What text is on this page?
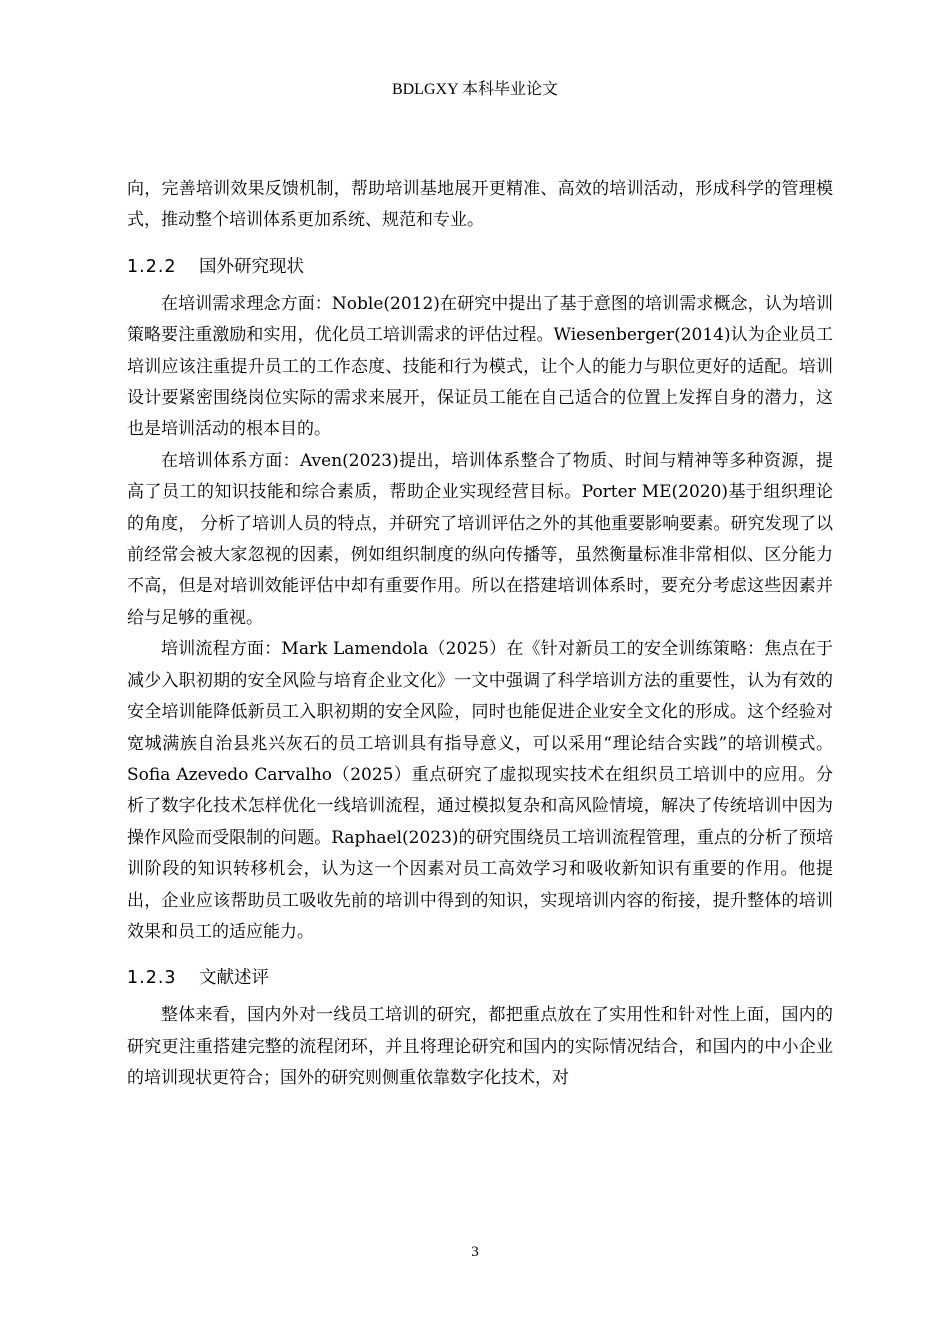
BDLGXY 本科毕业论文

向，完善培训效果反馈机制，帮助培训基地展开更精准、高效的培训活动，形成科学的管理模式，推动整个培训体系更加系统、规范和专业。

1.2.2	国外研究现状

在培训需求理念方面：Noble(2012)在研究中提出了基于意图的培训需求概念，认为培训策略要注重激励和实用，优化员工培训需求的评估过程。Wiesenberger(2014)认为企业员工培训应该注重提升员工的工作态度、技能和行为模式，让个人的能力与职位更好的适配。培训设计要紧密围绕岗位实际的需求来展开，保证员工能在自己适合的位置上发挥自身的潜力，这也是培训活动的根本目的。

在培训体系方面：Aven(2023)提出，培训体系整合了物质、时间与精神等多种资源，提高了员工的知识技能和综合素质，帮助企业实现经营目标。Porter ME(2020)基于组织理论的角度， 分析了培训人员的特点，并研究了培训评估之外的其他重要影响要素。研究发现了以前经常会被大家忽视的因素，例如组织制度的纵向传播等，虽然衡量标准非常相似、区分能力不高，但是对培训效能评估中却有重要作用。所以在搭建培训体系时，要充分考虑这些因素并给与足够的重视。

培训流程方面：Mark Lamendola（2025）在《针对新员工的安全训练策略：焦点在于减少入职初期的安全风险与培育企业文化》一文中强调了科学培训方法的重要性，认为有效的安全培训能降低新员工入职初期的安全风险，同时也能促进企业安全文化的形成。这个经验对宽城满族自治县兆兴灰石的员工培训具有指导意义，可以采用“理论结合实践”的培训模式。Sofia Azevedo Carvalho（2025）重点研究了虚拟现实技术在组织员工培训中的应用。分析了数字化技术怎样优化一线培训流程，通过模拟复杂和高风险情境，解决了传统培训中因为操作风险而受限制的问题。Raphael(2023)的研究围绕员工培训流程管理，重点的分析了预培训阶段的知识转移机会，认为这一个因素对员工高效学习和吸收新知识有重要的作用。他提出，企业应该帮助员工吸收先前的培训中得到的知识，实现培训内容的衔接，提升整体的培训效果和员工的适应能力。

1.2.3	文献述评

整体来看，国内外对一线员工培训的研究，都把重点放在了实用性和针对性上面，国内的研究更注重搭建完整的流程闭环，并且将理论研究和国内的实际情况结合，和国内的中小企业的培训现状更符合；国外的研究则侧重依靠数字化技术，对

3
